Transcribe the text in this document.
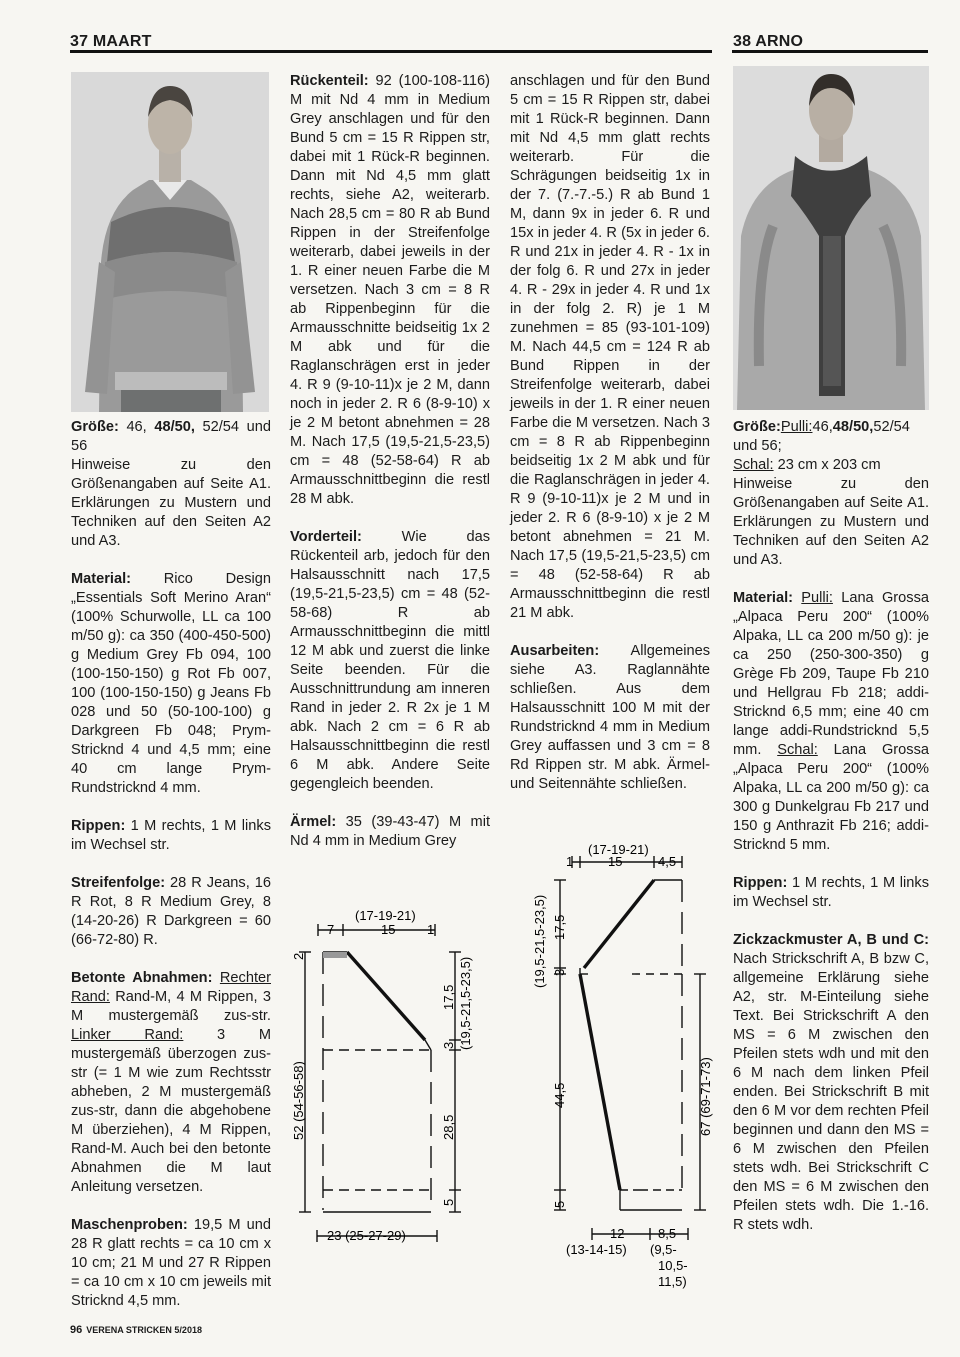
37 MAART	38 ARNO

Größe: 46, 48/50, 52/54 und 56
Hinweise zu den Größenangaben auf Seite A1. Erklärungen zu Mustern und Techniken auf den Seiten A2 und A3.

Material: Rico Design „Essentials Soft Merino Aran“ (100% Schurwolle, LL ca 100 m/50 g): ca 350 (400-450-500) g Medium Grey Fb 094, 100 (100-150-150) g Rot Fb 007, 100 (100-150-150) g Jeans Fb 028 und 50 (50-100-100) g Darkgreen Fb 048; Prym-Stricknd 4 und 4,5 mm; eine 40 cm lange Prym-Rundstricknd 4 mm.

Rippen: 1 M rechts, 1 M links im Wechsel str.

Streifenfolge: 28 R Jeans, 16 R Rot, 8 R Medium Grey, 8 (14-20-26) R Darkgreen = 60 (66-72-80) R.

Betonte Abnahmen: Rechter Rand: Rand-M, 4 M Rippen, 3 M mustergemäß zus-str. Linker Rand: 3 M mustergemäß überzogen zus-str (= 1 M wie zum Rechtsstr abheben, 2 M mustergemäß zus-str, dann die abgehobene M überziehen), 4 M Rippen, Rand-M. Auch bei den betonte Abnahmen die M laut Anleitung versetzen.

Maschenproben: 19,5 M und 28 R glatt rechts = ca 10 cm x 10 cm; 21 M und 27 R Rippen = ca 10 cm x 10 cm jeweils mit Stricknd 4,5 mm.

Rückenteil: 92 (100-108-116) M mit Nd 4 mm in Medium Grey anschlagen und für den Bund 5 cm = 15 R Rippen str, dabei mit 1 Rück-R beginnen. Dann mit Nd 4,5 mm glatt rechts, siehe A2, weiterarb. Nach 28,5 cm = 80 R ab Bund Rippen in der Streifenfolge weiterarb, dabei jeweils in der 1. R einer neuen Farbe die M versetzen. Nach 3 cm = 8 R ab Rippenbeginn für die Armausschnitte beidseitig 1x 2 M abk und für die Raglanschrägen erst in jeder 4. R 9 (9-10-11)x je 2 M, dann noch in jeder 2. R 6 (8-9-10) x je 2 M betont abnehmen = 28 M. Nach 17,5 (19,5-21,5-23,5) cm = 48 (52-58-64) R ab Armausschnittbeginn die restl 28 M abk.

Vorderteil: Wie das Rückenteil arb, jedoch für den Halsausschnitt nach 17,5 (19,5-21,5-23,5) cm = 48 (52-58-68) R ab Armausschnittbeginn die mittl 12 M abk und zuerst die linke Seite beenden. Für die Ausschnittrundung am inneren Rand in jeder 2. R 2x je 1 M abk. Nach 2 cm = 6 R ab Halsausschnittbeginn die restl 6 M abk. Andere Seite gegengleich beenden.

Ärmel: 35 (39-43-47) M mit Nd 4 mm in Medium Grey

anschlagen und für den Bund 5 cm = 15 R Rippen str, dabei mit 1 Rück-R beginnen. Dann mit Nd 4,5 mm glatt rechts weiterarb. Für die Schrägungen beidseitig 1x in der 7. (7.-7.-5.) R ab Bund 1 M, dann 9x in jeder 6. R und 15x in jeder 4. R (5x in jeder 6. R und 21x in jeder 4. R - 1x in der folg 6. R und 27x in jeder 4. R - 29x in jeder 4. R und 1x in der folg 2. R) je 1 M zunehmen = 85 (93-101-109) M. Nach 44,5 cm = 124 R ab Bund Rippen in der Streifenfolge weiterarb, dabei jeweils in der 1. R einer neuen Farbe die M versetzen. Nach 3 cm = 8 R ab Rippenbeginn beidseitig 1x 2 M abk und für die Raglanschrägen in jeder 4. R 9 (9-10-11)x je 2 M und in jeder 2. R 6 (8-9-10) x je 2 M betont abnehmen = 21 M. Nach 17,5 (19,5-21,5-23,5) cm = 48 (52-58-64) R ab Armausschnittbeginn die restl 21 M abk.

Ausarbeiten: Allgemeines siehe A3. Raglannähte schließen. Aus dem Halsausschnitt 100 M mit der Rundstricknd 4 mm in Medium Grey auffassen und 3 cm = 8 Rd Rippen str. M abk. Ärmel- und Seitennähte schließen.

Größe:Pulli:46,48/50,52/54 und 56;
Schal: 23 cm x 203 cm
Hinweise zu den Größenangaben auf Seite A1. Erklärungen zu Mustern und Techniken auf den Seiten A2 und A3.

Material: Pulli: Lana Grossa „Alpaca Peru 200“ (100% Alpaka, LL ca 200 m/50 g): je ca 250 (250-300-350) g Grège Fb 209, Taupe Fb 210 und Hellgrau Fb 218; addi-Stricknd 6,5 mm; eine 40 cm lange addi-Rundstricknd 5,5 mm. Schal: Lana Grossa „Alpaca Peru 200“ (100% Alpaka, LL ca 200 m/50 g): ca 300 g Dunkelgrau Fb 217 und 150 g Anthrazit Fb 216; addi-Stricknd 5 mm.

Rippen: 1 M rechts, 1 M links im Wechsel str.

Zickzackmuster A, B und C: Nach Strickschrift A, B bzw C, allgemeine Erklärung siehe A2, str. M-Einteilung siehe Text. Bei Strickschrift A den MS = 6 M zwischen den Pfeilen stets wdh und mit den 6 M nach dem linken Pfeil enden. Bei Strickschrift B mit den 6 M vor dem rechten Pfeil beginnen und dann den MS = 6 M zwischen den Pfeilen stets wdh. Bei Strickschrift C den MS = 6 M zwischen den Pfeilen stets wdh. Die 1.-16. R stets wdh.

(17-19-21)
7	15 1
2
52 (54-56-58)
3
17,5 (19,5-21,5-23,5)
28,5
5
23 (25-27-29)
(17-19-21)
1	15	4,5
(19,5-21,5-23,5) 17,5
3
44,5
5
67 (69-71-73)
12
(13-14-15)
8,5
(9,5-
10,5-
11,5)
96 VERENA STRICKEN 5/2018
